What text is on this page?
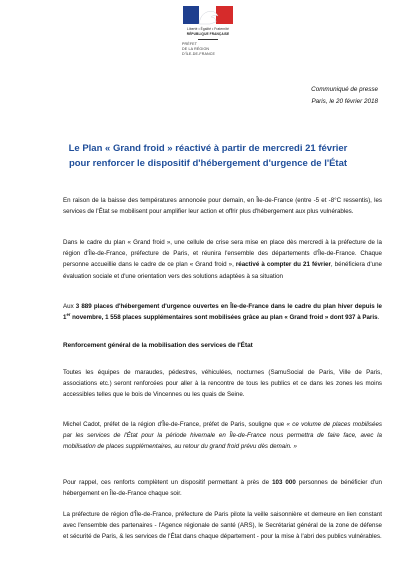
Liberté • Égalité • Fraternité
RÉPUBLIQUE FRANÇAISE
PRÉFET
DE LA RÉGION
D'ÎLE-DE-FRANCE
Communiqué de presse
Paris, le 20 février 2018
Le Plan « Grand froid » réactivé à partir de mercredi 21 février
pour renforcer le dispositif d'hébergement d'urgence de l'État

En raison de la baisse des températures annoncée pour demain, en Île-de-France (entre -5 et -8°C ressentis), les services de l'État se mobilisent pour amplifier leur action et offrir plus d'hébergement aux plus vulnérables.

Dans le cadre du plan « Grand froid », une cellule de crise sera mise en place dès mercredi à la préfecture de la région d'Île-de-France, préfecture de Paris, et réunira l'ensemble des départements d'Île-de-France. Chaque personne accueillie dans le cadre de ce plan « Grand froid », réactivé à compter du 21 février, bénéficiera d'une évaluation sociale et d'une orientation vers des solutions adaptées à sa situation

Aux 3 889 places d'hébergement d'urgence ouvertes en Île-de-France dans le cadre du plan hiver depuis le 1er novembre, 1 558 places supplémentaires sont mobilisées grâce au plan « Grand froid » dont 937 à Paris.

Renforcement général de la mobilisation des services de l'État

Toutes les équipes de maraudes, pédestres, véhiculées, nocturnes (SamuSocial de Paris, Ville de Paris, associations etc.) seront renforcées pour aller à la rencontre de tous les publics et ce dans les zones les moins accessibles telles que le bois de Vincennes ou les quais de Seine.

Michel Cadot, préfet de la région d'Île-de-France, préfet de Paris, souligne que « ce volume de places mobilisées par les services de l'État pour la période hivernale en Île-de-France nous permettra de faire face, avec la mobilisation de places supplémentaires, au retour du grand froid prévu dès demain. »

Pour rappel, ces renforts complètent un dispositif permettant à près de 103 000 personnes de bénéficier d'un hébergement en Île-de-France chaque soir.

La préfecture de région d'Île-de-France, préfecture de Paris pilote la veille saisonnière et demeure en lien constant avec l'ensemble des partenaires - l'Agence régionale de santé (ARS), le Secrétariat général de la zone de défense et sécurité de Paris, & les services de l'État dans chaque département - pour la mise à l'abri des publics vulnérables.
